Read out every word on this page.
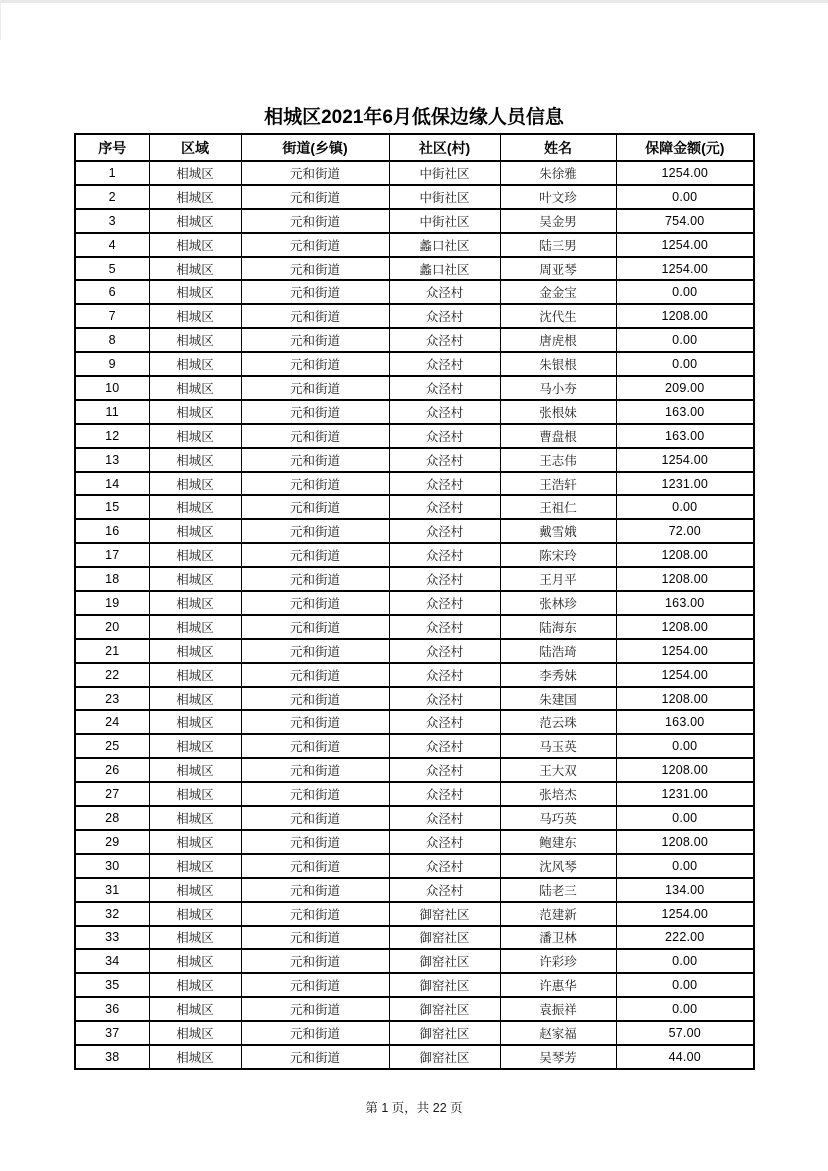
相城区2021年6月低保边缘人员信息
序号	区域	街道(乡镇)	社区(村)	姓名	保障金额(元)
1	相城区	元和街道	中街社区	朱徐雅	1254.00
2	相城区	元和街道	中街社区	叶文珍	0.00
3	相城区	元和街道	中街社区	吴金男	754.00
4	相城区	元和街道	蠡口社区	陆三男	1254.00
5	相城区	元和街道	蠡口社区	周亚琴	1254.00
6	相城区	元和街道	众泾村	金金宝	0.00
7	相城区	元和街道	众泾村	沈代生	1208.00
8	相城区	元和街道	众泾村	唐虎根	0.00
9	相城区	元和街道	众泾村	朱银根	0.00
10	相城区	元和街道	众泾村	马小夯	209.00
11	相城区	元和街道	众泾村	张根妹	163.00
12	相城区	元和街道	众泾村	曹盘根	163.00
13	相城区	元和街道	众泾村	王志伟	1254.00
14	相城区	元和街道	众泾村	王浩轩	1231.00
15	相城区	元和街道	众泾村	王祖仁	0.00
16	相城区	元和街道	众泾村	戴雪娥	72.00
17	相城区	元和街道	众泾村	陈宋玲	1208.00
18	相城区	元和街道	众泾村	王月平	1208.00
19	相城区	元和街道	众泾村	张林珍	163.00
20	相城区	元和街道	众泾村	陆海东	1208.00
21	相城区	元和街道	众泾村	陆浩琦	1254.00
22	相城区	元和街道	众泾村	李秀妹	1254.00
23	相城区	元和街道	众泾村	朱建国	1208.00
24	相城区	元和街道	众泾村	范云珠	163.00
25	相城区	元和街道	众泾村	马玉英	0.00
26	相城区	元和街道	众泾村	王大双	1208.00
27	相城区	元和街道	众泾村	张培杰	1231.00
28	相城区	元和街道	众泾村	马巧英	0.00
29	相城区	元和街道	众泾村	鲍建东	1208.00
30	相城区	元和街道	众泾村	沈风琴	0.00
31	相城区	元和街道	众泾村	陆老三	134.00
32	相城区	元和街道	御窑社区	范建新	1254.00
33	相城区	元和街道	御窑社区	潘卫林	222.00
34	相城区	元和街道	御窑社区	许彩珍	0.00
35	相城区	元和街道	御窑社区	许惠华	0.00
36	相城区	元和街道	御窑社区	袁振祥	0.00
37	相城区	元和街道	御窑社区	赵家福	57.00
38	相城区	元和街道	御窑社区	吴琴芳	44.00
第 1 页，共 22 页
